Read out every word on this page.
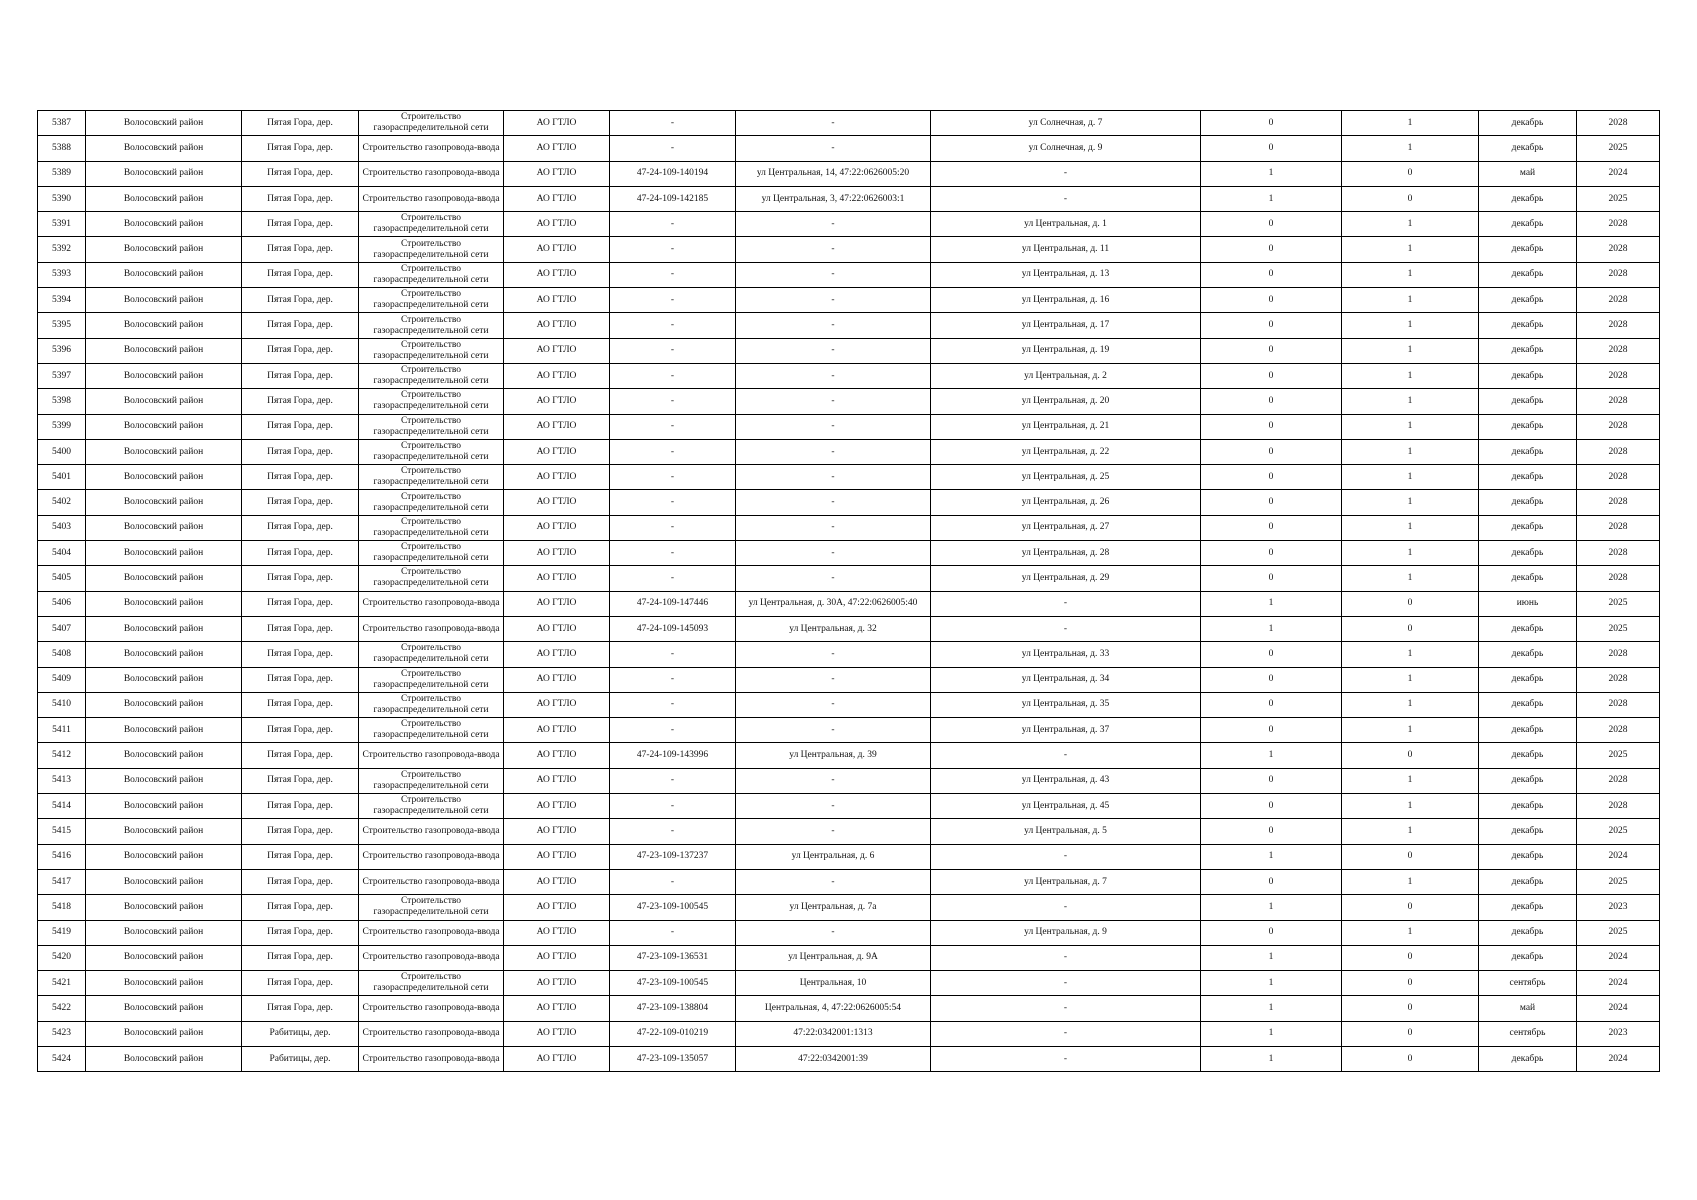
5387	Волосовский район	Пятая Гора, дер.	Строительство газораспределительной сети	АО ГТЛО	-	-	ул Солнечная, д. 7	0	1	декабрь	2028
5388	Волосовский район	Пятая Гора, дер.	Строительство газопровода-ввода	АО ГТЛО	-	-	ул Солнечная, д. 9	0	1	декабрь	2025
5389	Волосовский район	Пятая Гора, дер.	Строительство газопровода-ввода	АО ГТЛО	47-24-109-140194	ул Центральная, 14, 47:22:0626005:20	-	1	0	май	2024
5390	Волосовский район	Пятая Гора, дер.	Строительство газопровода-ввода	АО ГТЛО	47-24-109-142185	ул Центральная, 3, 47:22:0626003:1	-	1	0	декабрь	2025
5391	Волосовский район	Пятая Гора, дер.	Строительство газораспределительной сети	АО ГТЛО	-	-	ул Центральная, д. 1	0	1	декабрь	2028
5392	Волосовский район	Пятая Гора, дер.	Строительство газораспределительной сети	АО ГТЛО	-	-	ул Центральная, д. 11	0	1	декабрь	2028
5393	Волосовский район	Пятая Гора, дер.	Строительство газораспределительной сети	АО ГТЛО	-	-	ул Центральная, д. 13	0	1	декабрь	2028
5394	Волосовский район	Пятая Гора, дер.	Строительство газораспределительной сети	АО ГТЛО	-	-	ул Центральная, д. 16	0	1	декабрь	2028
5395	Волосовский район	Пятая Гора, дер.	Строительство газораспределительной сети	АО ГТЛО	-	-	ул Центральная, д. 17	0	1	декабрь	2028
5396	Волосовский район	Пятая Гора, дер.	Строительство газораспределительной сети	АО ГТЛО	-	-	ул Центральная, д. 19	0	1	декабрь	2028
5397	Волосовский район	Пятая Гора, дер.	Строительство газораспределительной сети	АО ГТЛО	-	-	ул Центральная, д. 2	0	1	декабрь	2028
5398	Волосовский район	Пятая Гора, дер.	Строительство газораспределительной сети	АО ГТЛО	-	-	ул Центральная, д. 20	0	1	декабрь	2028
5399	Волосовский район	Пятая Гора, дер.	Строительство газораспределительной сети	АО ГТЛО	-	-	ул Центральная, д. 21	0	1	декабрь	2028
5400	Волосовский район	Пятая Гора, дер.	Строительство газораспределительной сети	АО ГТЛО	-	-	ул Центральная, д. 22	0	1	декабрь	2028
5401	Волосовский район	Пятая Гора, дер.	Строительство газораспределительной сети	АО ГТЛО	-	-	ул Центральная, д. 25	0	1	декабрь	2028
5402	Волосовский район	Пятая Гора, дер.	Строительство газораспределительной сети	АО ГТЛО	-	-	ул Центральная, д. 26	0	1	декабрь	2028
5403	Волосовский район	Пятая Гора, дер.	Строительство газораспределительной сети	АО ГТЛО	-	-	ул Центральная, д. 27	0	1	декабрь	2028
5404	Волосовский район	Пятая Гора, дер.	Строительство газораспределительной сети	АО ГТЛО	-	-	ул Центральная, д. 28	0	1	декабрь	2028
5405	Волосовский район	Пятая Гора, дер.	Строительство газораспределительной сети	АО ГТЛО	-	-	ул Центральная, д. 29	0	1	декабрь	2028
5406	Волосовский район	Пятая Гора, дер.	Строительство газопровода-ввода	АО ГТЛО	47-24-109-147446	ул Центральная, д. 30А, 47:22:0626005:40	-	1	0	июнь	2025
5407	Волосовский район	Пятая Гора, дер.	Строительство газопровода-ввода	АО ГТЛО	47-24-109-145093	ул Центральная, д. 32	-	1	0	декабрь	2025
5408	Волосовский район	Пятая Гора, дер.	Строительство газораспределительной сети	АО ГТЛО	-	-	ул Центральная, д. 33	0	1	декабрь	2028
5409	Волосовский район	Пятая Гора, дер.	Строительство газораспределительной сети	АО ГТЛО	-	-	ул Центральная, д. 34	0	1	декабрь	2028
5410	Волосовский район	Пятая Гора, дер.	Строительство газораспределительной сети	АО ГТЛО	-	-	ул Центральная, д. 35	0	1	декабрь	2028
5411	Волосовский район	Пятая Гора, дер.	Строительство газораспределительной сети	АО ГТЛО	-	-	ул Центральная, д. 37	0	1	декабрь	2028
5412	Волосовский район	Пятая Гора, дер.	Строительство газопровода-ввода	АО ГТЛО	47-24-109-143996	ул Центральная, д. 39	-	1	0	декабрь	2025
5413	Волосовский район	Пятая Гора, дер.	Строительство газораспределительной сети	АО ГТЛО	-	-	ул Центральная, д. 43	0	1	декабрь	2028
5414	Волосовский район	Пятая Гора, дер.	Строительство газораспределительной сети	АО ГТЛО	-	-	ул Центральная, д. 45	0	1	декабрь	2028
5415	Волосовский район	Пятая Гора, дер.	Строительство газопровода-ввода	АО ГТЛО	-	-	ул Центральная, д. 5	0	1	декабрь	2025
5416	Волосовский район	Пятая Гора, дер.	Строительство газопровода-ввода	АО ГТЛО	47-23-109-137237	ул Центральная, д. 6	-	1	0	декабрь	2024
5417	Волосовский район	Пятая Гора, дер.	Строительство газопровода-ввода	АО ГТЛО	-	-	ул Центральная, д. 7	0	1	декабрь	2025
5418	Волосовский район	Пятая Гора, дер.	Строительство газораспределительной сети	АО ГТЛО	47-23-109-100545	ул Центральная, д. 7а	-	1	0	декабрь	2023
5419	Волосовский район	Пятая Гора, дер.	Строительство газопровода-ввода	АО ГТЛО	-	-	ул Центральная, д. 9	0	1	декабрь	2025
5420	Волосовский район	Пятая Гора, дер.	Строительство газопровода-ввода	АО ГТЛО	47-23-109-136531	ул Центральная, д. 9А	-	1	0	декабрь	2024
5421	Волосовский район	Пятая Гора, дер.	Строительство газораспределительной сети	АО ГТЛО	47-23-109-100545	Центральная, 10	-	1	0	сентябрь	2024
5422	Волосовский район	Пятая Гора, дер.	Строительство газопровода-ввода	АО ГТЛО	47-23-109-138804	Центральная, 4, 47:22:0626005:54	-	1	0	май	2024
5423	Волосовский район	Рабитицы, дер.	Строительство газопровода-ввода	АО ГТЛО	47-22-109-010219	47:22:0342001:1313	-	1	0	сентябрь	2023
5424	Волосовский район	Рабитицы, дер.	Строительство газопровода-ввода	АО ГТЛО	47-23-109-135057	47:22:0342001:39	-	1	0	декабрь	2024
